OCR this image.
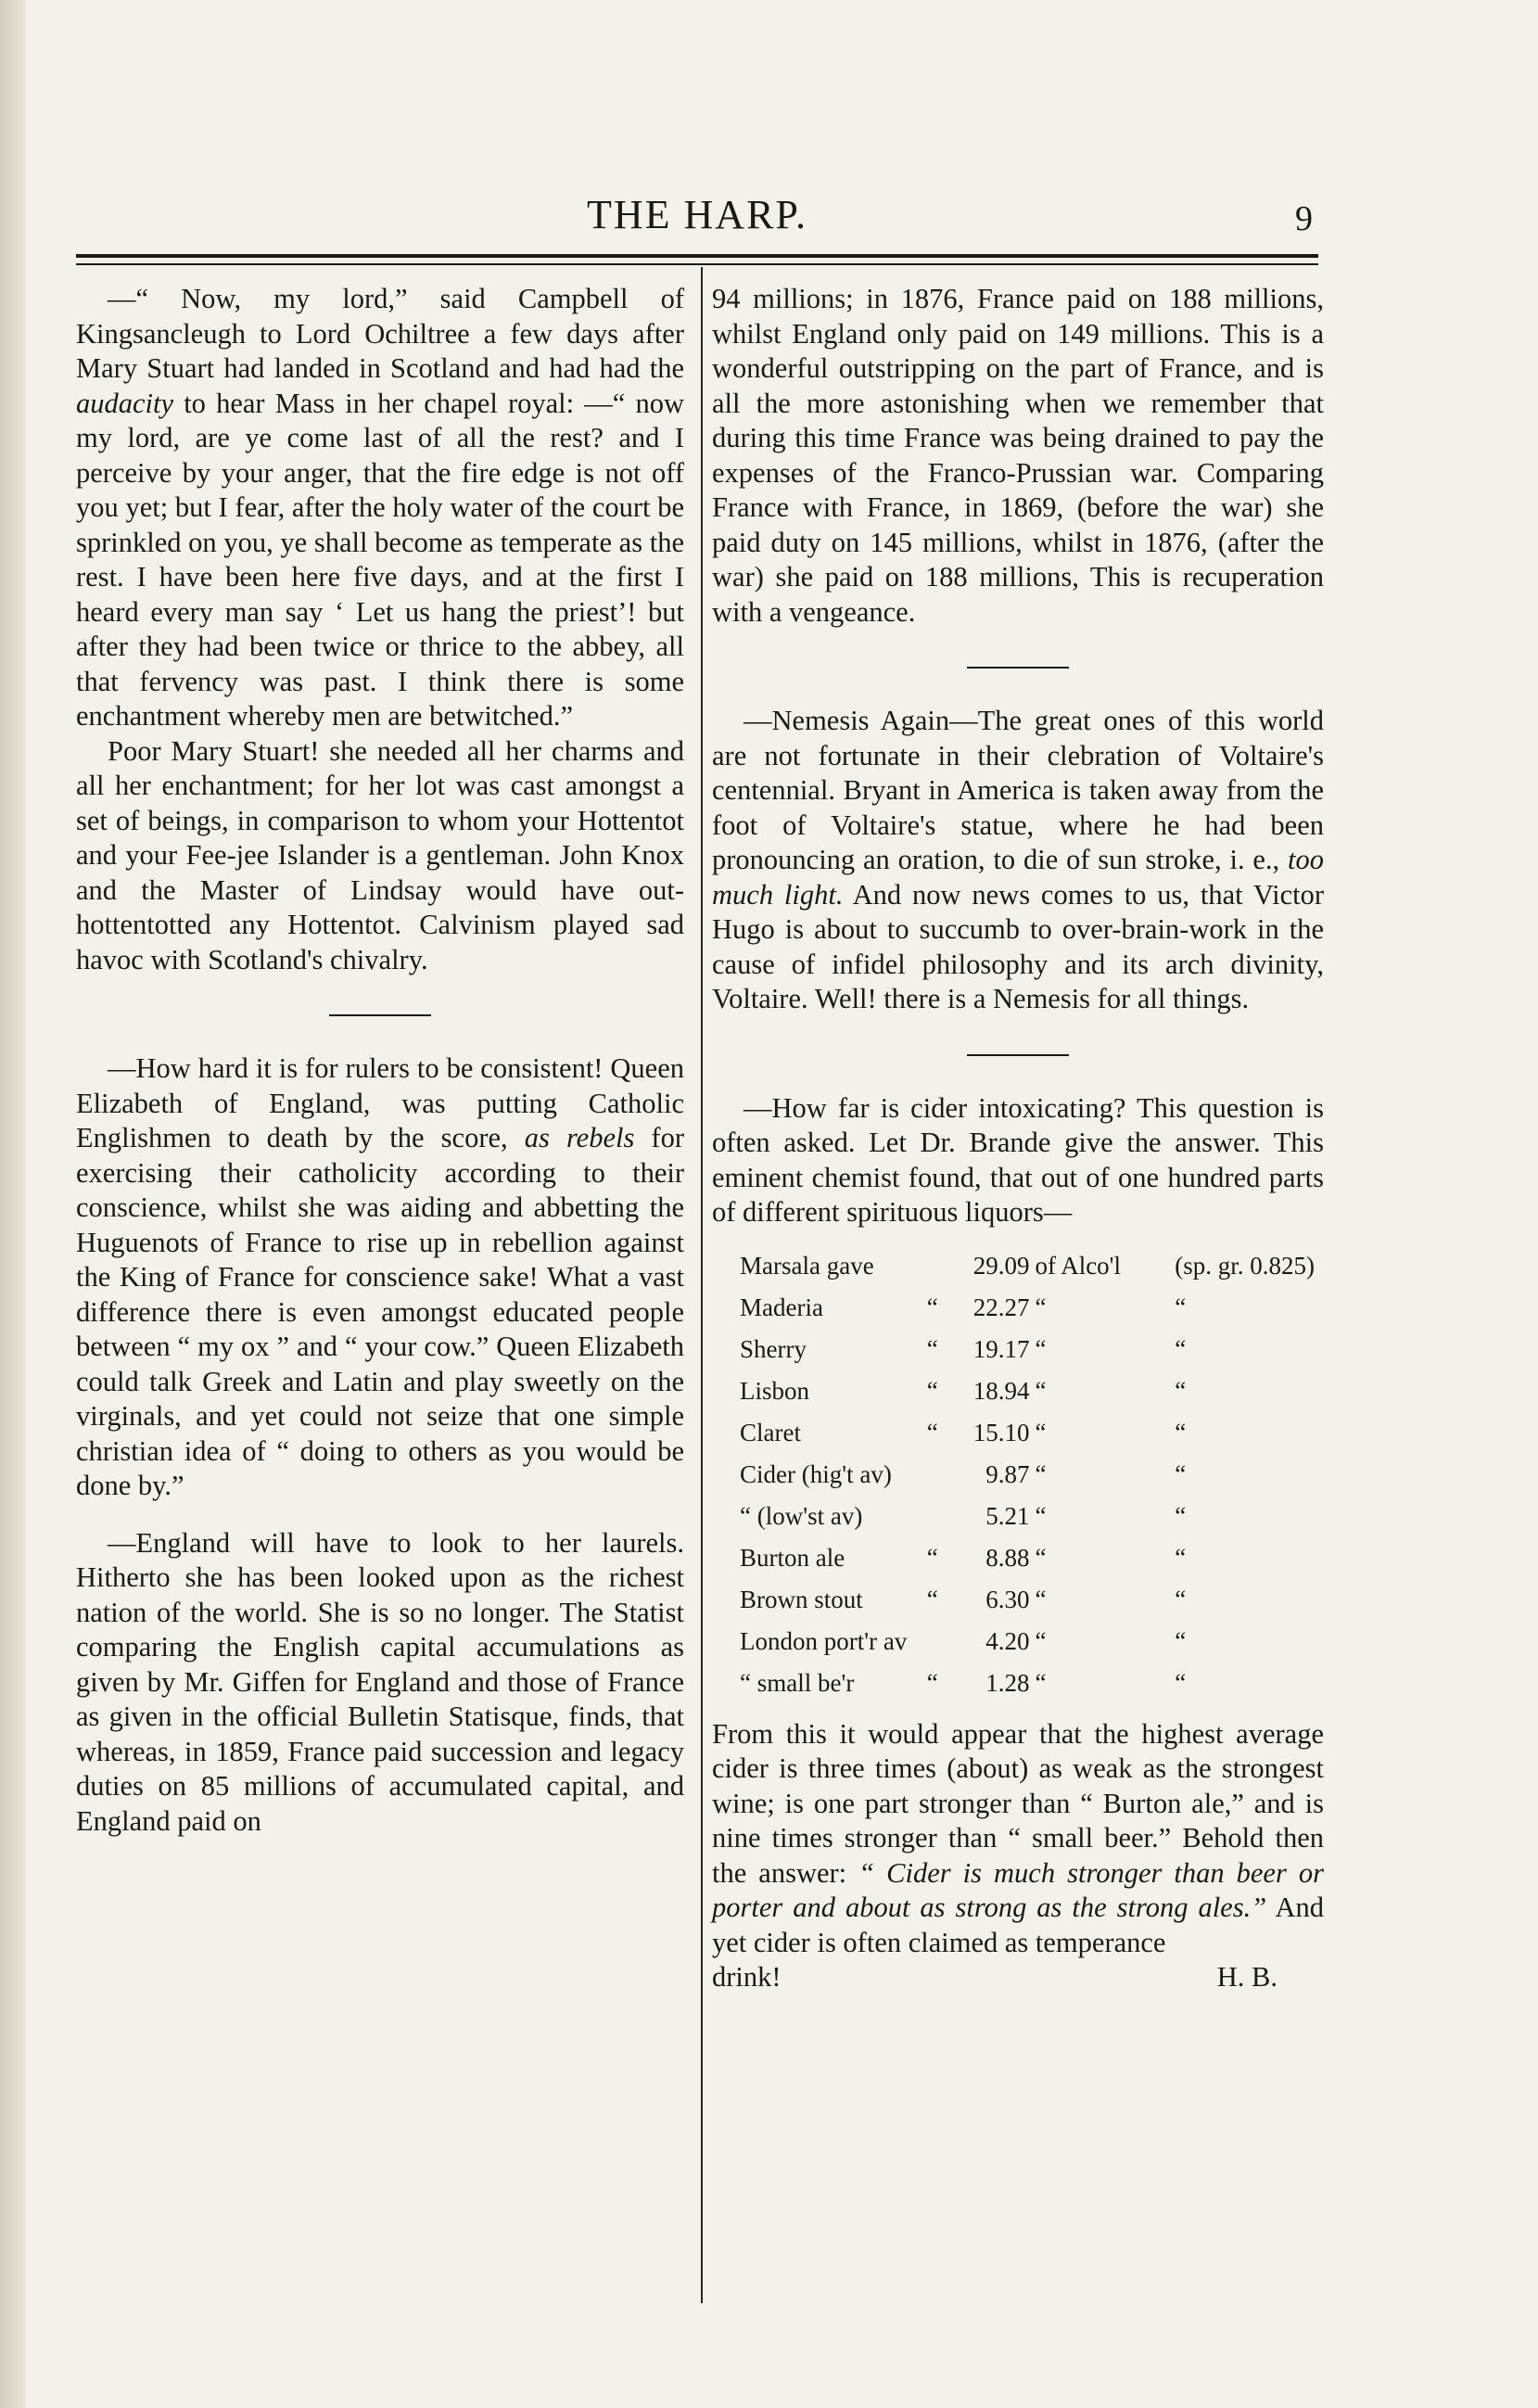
THE HARP.	9

—“ Now, my lord,” said Campbell of Kingsancleugh to Lord Ochiltree a few days after Mary Stuart had landed in Scotland and had had the audacity to hear Mass in her chapel royal: —“ now my lord, are ye come last of all the rest? and I perceive by your anger, that the fire edge is not off you yet; but I fear, after the holy water of the court be sprinkled on you, ye shall become as temperate as the rest. I have been here five days, and at the first I heard every man say ‘ Let us hang the priest’! but after they had been twice or thrice to the abbey, all that fervency was past. I think there is some enchantment whereby men are betwitched.”

Poor Mary Stuart! she needed all her charms and all her enchantment; for her lot was cast amongst a set of beings, in comparison to whom your Hottentot and your Fee-jee Islander is a gentleman. John Knox and the Master of Lindsay would have out-hottentotted any Hottentot. Calvinism played sad havoc with Scotland's chivalry.

—How hard it is for rulers to be consistent! Queen Elizabeth of England, was putting Catholic Englishmen to death by the score, as rebels for exercising their catholicity according to their conscience, whilst she was aiding and abbetting the Huguenots of France to rise up in rebellion against the King of France for conscience sake! What a vast difference there is even amongst educated people between “ my ox ” and “ your cow.” Queen Elizabeth could talk Greek and Latin and play sweetly on the virginals, and yet could not seize that one simple christian idea of “ doing to others as you would be done by.”

—England will have to look to her laurels. Hitherto she has been looked upon as the richest nation of the world. She is so no longer. The Statist comparing the English capital accumulations as given by Mr. Giffen for England and those of France as given in the official Bulletin Statisque, finds, that whereas, in 1859, France paid succession and legacy duties on 85 millions of accumulated capital, and England paid on

94 millions; in 1876, France paid on 188 millions, whilst England only paid on 149 millions. This is a wonderful outstripping on the part of France, and is all the more astonishing when we remember that during this time France was being drained to pay the expenses of the Franco-Prussian war. Comparing France with France, in 1869, (before the war) she paid duty on 145 millions, whilst in 1876, (after the war) she paid on 188 millions, This is recuperation with a vengeance.

—Nemesis Again—The great ones of this world are not fortunate in their clebration of Voltaire's centennial. Bryant in America is taken away from the foot of Voltaire's statue, where he had been pronouncing an oration, to die of sun stroke, i. e., too much light. And now news comes to us, that Victor Hugo is about to succumb to over-brain-work in the cause of infidel philosophy and its arch divinity, Voltaire. Well! there is a Nemesis for all things.

—How far is cider intoxicating? This question is often asked. Let Dr. Brande give the answer. This eminent chemist found, that out of one hundred parts of different spirituous liquors—

Marsala gave		29.09	of Alco'l	(sp. gr. 0.825)
Maderia	“	22.27	“	“
Sherry	“	19.17	“	“
Lisbon	“	18.94	“	“
Claret	“	15.10	“	“
Cider (hig't av)		9.87	“	“
“ (low'st av)		5.21	“	“
Burton ale	“	8.88	“	“
Brown stout	“	6.30	“	“
London port'r av		4.20	“	“
“ small be'r	“	1.28	“	“

From this it would appear that the highest average cider is three times (about) as weak as the strongest wine; is one part stronger than “ Burton ale,” and is nine times stronger than “ small beer.” Behold then the answer: “ Cider is much stronger than beer or porter and about as strong as the strong ales.” And yet cider is often claimed as temperance

drink!	H. B.
